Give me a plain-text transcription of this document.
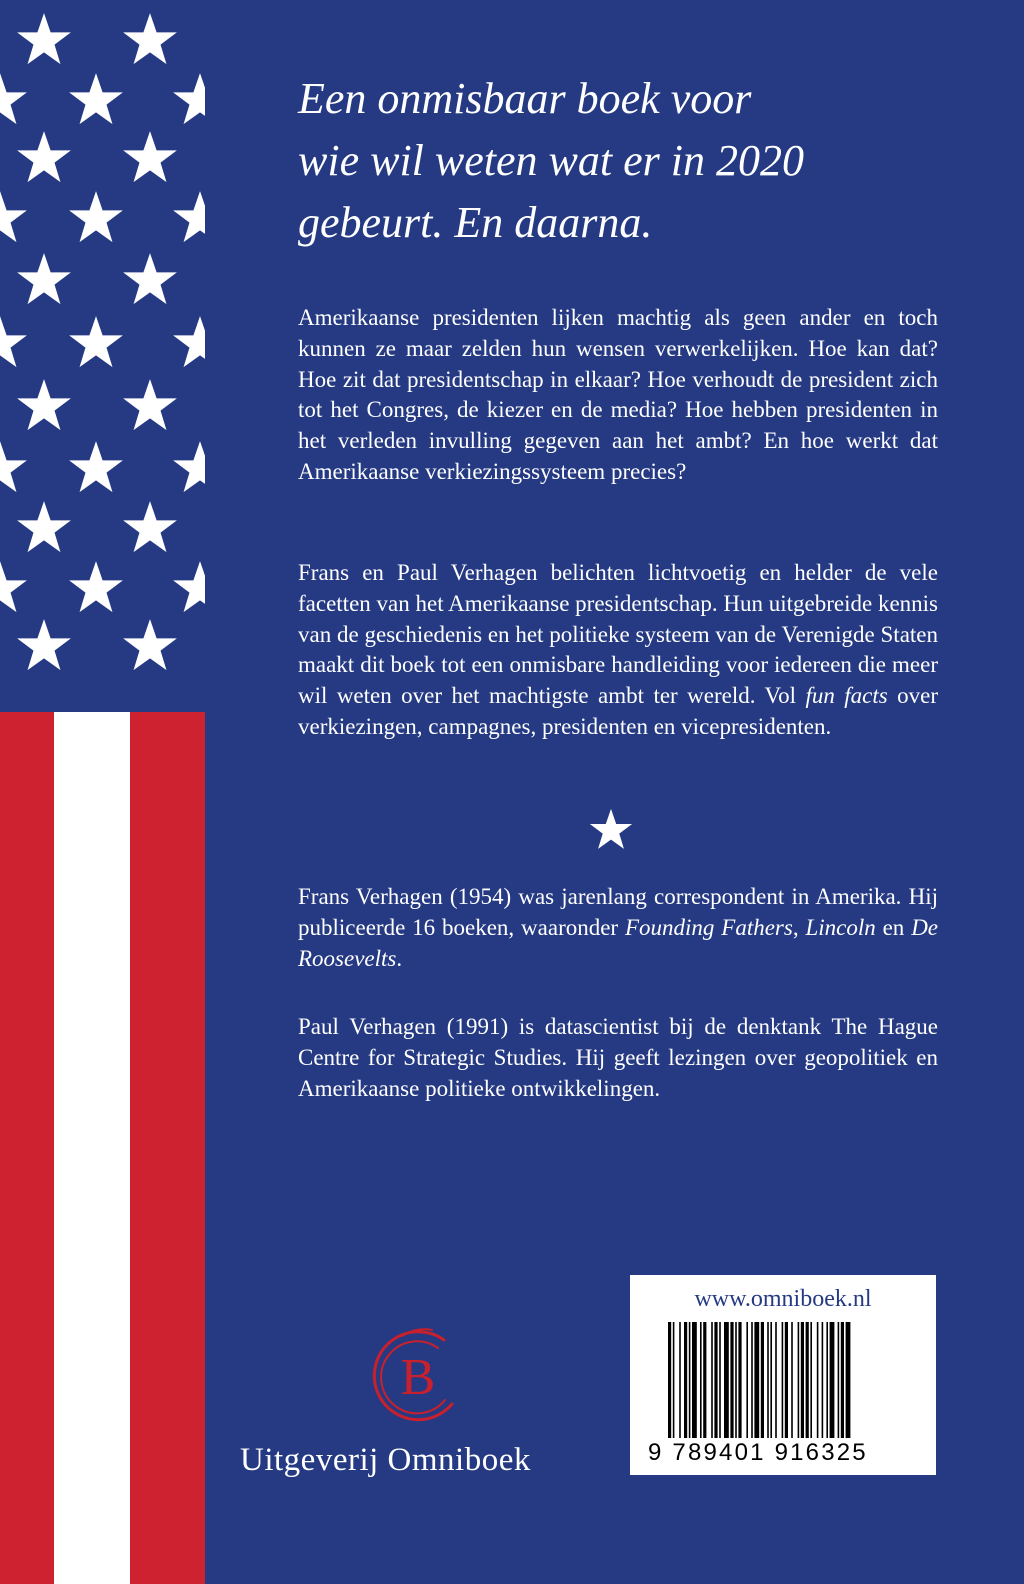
Een onmisbaar boek voor
wie wil weten wat er in 2020
gebeurt. En daarna.

Amerikaanse presidenten lijken machtig als geen ander en toch kunnen ze maar zelden hun wensen verwerkelijken. Hoe kan dat? Hoe zit dat presidentschap in elkaar? Hoe verhoudt de president zich tot het Congres, de kiezer en de media? Hoe hebben presidenten in het verleden invulling gegeven aan het ambt? En hoe werkt dat Amerikaanse verkiezingssysteem precies?

Frans en Paul Verhagen belichten lichtvoetig en helder de vele facetten van het Amerikaanse presidentschap. Hun uitgebreide kennis van de geschiedenis en het politieke systeem van de Verenigde Staten maakt dit boek tot een onmisbare handleiding voor iedereen die meer wil weten over het machtigste ambt ter wereld. Vol fun facts over verkiezingen, campagnes, presidenten en vicepresidenten.

Frans Verhagen (1954) was jarenlang correspondent in Amerika. Hij publiceerde 16 boeken, waaronder Founding Fathers, Lincoln en De Roosevelts.

Paul Verhagen (1991) is datascientist bij de denktank The Hague Centre for Strategic Studies. Hij geeft lezingen over geopolitiek en Amerikaanse politieke ontwikkelingen.

B

Uitgeverij Omniboek

www.omniboek.nl

9 789401 916325
